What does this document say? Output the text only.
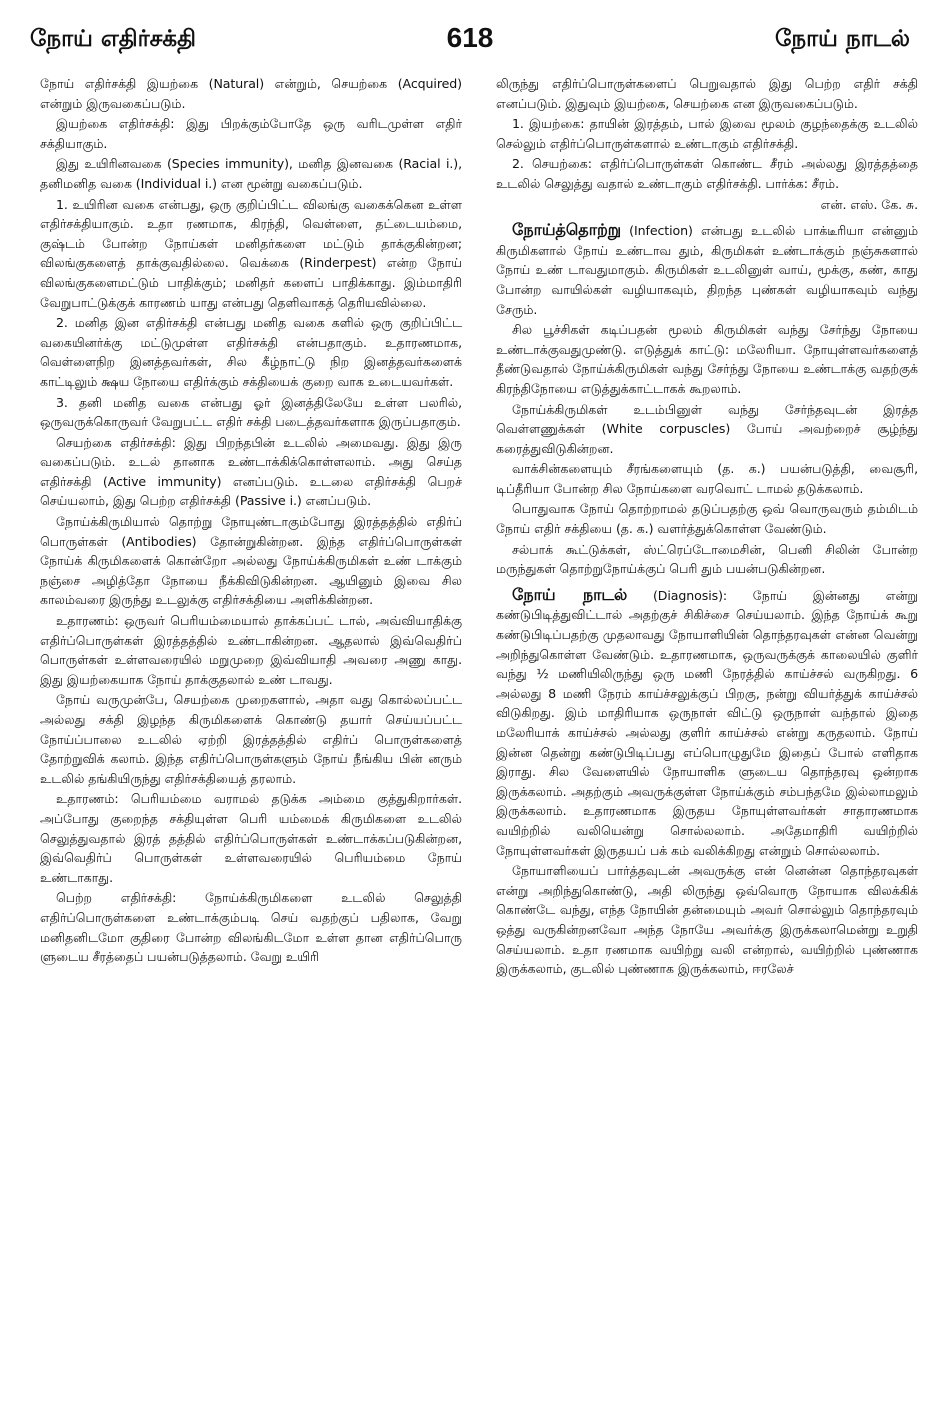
நோய் எதிர்சக்தி	618	நோய் நாடல்

நோய் எதிர்சக்தி இயற்கை (Natural) என்றும், செயற்கை (Acquired) என்றும் இருவகைப்படும்.

இயற்கை எதிர்சக்தி: இது பிறக்கும்போதே ஒரு வரிடமுள்ள எதிர் சக்தியாகும்.

இது உயிரினவகை (Species immunity), மனித இனவகை (Racial i.), தனிமனித வகை (Individual i.) என மூன்று வகைப்படும்.

1. உயிரின வகை என்பது, ஒரு குறிப்பிட்ட விலங்கு வகைக்கென உள்ள எதிர்சக்தியாகும். உதா ரணமாக, கிரந்தி, வெள்ளை, தட்டையம்மை, குஷ்டம் போன்ற நோய்கள் மனிதர்களை மட்டும் தாக்குகின்றன; விலங்குகளைத் தாக்குவதில்லை. வெக்கை (Rinderpest) என்ற நோய் விலங்குகளைமட்டும் பாதிக்கும்; மனிதர் களைப் பாதிக்காது. இம்மாதிரி வேறுபாட்டுக்குக் காரணம் யாது என்பது தெளிவாகத் தெரியவில்லை.

2. மனித இன எதிர்சக்தி என்பது மனித வகை களில் ஒரு குறிப்பிட்ட வகையினர்க்கு மட்டுமுள்ள எதிர்சக்தி என்பதாகும். உதாரணமாக, வெள்ளைநிற இனத்தவர்கள், சில கீழ்நாட்டு நிற இனத்தவர்களைக் காட்டிலும் க்ஷய நோயை எதிர்க்கும் சக்தியைக் குறை வாக உடையவர்கள்.

3. தனி மனித வகை என்பது ஓர் இனத்திலேயே உள்ள பலரில், ஒருவருக்கொருவர் வேறுபட்ட எதிர் சக்தி படைத்தவர்களாக இருப்பதாகும்.

செயற்கை எதிர்சக்தி: இது பிறந்தபின் உடலில் அமைவது. இது இரு வகைப்படும். உடல் தானாக உண்டாக்கிக்கொள்ளலாம். அது செய்த எதிர்சக்தி (Active immunity) எனப்படும். உடலை எதிர்சக்தி பெறச் செய்யலாம், இது பெற்ற எதிர்சக்தி (Passive i.) எனப்படும்.

நோய்க்கிருமியால் தொற்று நோயுண்டாகும்போது இரத்தத்தில் எதிர்ப் பொருள்கள் (Antibodies) தோன்றுகின்றன. இந்த எதிர்ப்பொருள்கள் நோய்க் கிருமிகளைக் கொன்றோ அல்லது நோய்க்கிருமிகள் உண் டாக்கும் நஞ்சை அழித்தோ நோயை நீக்கிவிடுகின்றன. ஆயினும் இவை சில காலம்வரை இருந்து உடலுக்கு எதிர்சக்தியை அளிக்கின்றன.

உதாரணம்: ஒருவர் பெரியம்மையால் தாக்கப்பட் டால், அவ்வியாதிக்கு எதிர்ப்பொருள்கள் இரத்தத்தில் உண்டாகின்றன. ஆதலால் இவ்வெதிர்ப் பொருள்கள் உள்ளவரையில் மறுமுறை இவ்வியாதி அவரை அணு காது. இது இயற்கையாக நோய் தாக்குதலால் உண் டாவது.

நோய் வருமுன்பே, செயற்கை முறைகளால், அதா வது கொல்லப்பட்ட அல்லது சக்தி இழந்த கிருமிகளைக் கொண்டு தயார் செய்யப்பட்ட நோய்ப்பாலை உடலில் ஏற்றி இரத்தத்தில் எதிர்ப் பொருள்களைத் தோற்றுவிக் கலாம். இந்த எதிர்ப்பொருள்களும் நோய் நீங்கிய பின் னரும் உடலில் தங்கியிருந்து எதிர்சக்தியைத் தரலாம்.

உதாரணம்: பெரியம்மை வராமல் தடுக்க அம்மை குத்துகிறார்கள். அப்போது குறைந்த சக்தியுள்ள பெரி யம்மைக் கிருமிகளை உடலில் செலுத்துவதால் இரத் தத்தில் எதிர்ப்பொருள்கள் உண்டாக்கப்படுகின்றன, இவ்வெதிர்ப் பொருள்கள் உள்ளவரையில் பெரியம்மை நோய் உண்டாகாது.

பெற்ற எதிர்சக்தி: நோய்க்கிருமிகளை உடலில் செலுத்தி எதிர்ப்பொருள்களை உண்டாக்கும்படி செய் வதற்குப் பதிலாக, வேறு மனிதனிடமோ குதிரை போன்ற விலங்கிடமோ உள்ள தான எதிர்ப்பொரு ளுடைய சீரத்தைப் பயன்படுத்தலாம். வேறு உயிரி

லிருந்து எதிர்ப்பொருள்களைப் பெறுவதால் இது பெற்ற எதிர் சக்தி எனப்படும். இதுவும் இயற்கை, செயற்கை என இருவகைப்படும்.

1. இயற்கை: தாயின் இரத்தம், பால் இவை மூலம் குழந்தைக்கு உடலில் செல்லும் எதிர்ப்பொருள்களால் உண்டாகும் எதிர்சக்தி.

2. செயற்கை: எதிர்ப்பொருள்கள் கொண்ட சீரம் அல்லது இரத்தத்தை உடலில் செலுத்து வதால் உண்டாகும் எதிர்சக்தி. பார்க்க: சீரம்.

என். எஸ். கே. சு.

நோய்த்தொற்று (Infection) என்பது உடலில் பாக்டீரியா என்னும் கிருமிகளால் நோய் உண்டாவ தும், கிருமிகள் உண்டாக்கும் நஞ்சுகளால் நோய் உண் டாவதுமாகும். கிருமிகள் உடலினுள் வாய், மூக்கு, கண், காது போன்ற வாயில்கள் வழியாகவும், திறந்த புண்கள் வழியாகவும் வந்து சேரும்.

சில பூச்சிகள் கடிப்பதன் மூலம் கிருமிகள் வந்து சேர்ந்து நோயை உண்டாக்குவதுமுண்டு. எடுத்துக் காட்டு: மலேரியா. நோயுள்ளவர்களைத் தீண்டுவதால் நோய்க்கிருமிகள் வந்து சேர்ந்து நோயை உண்டாக்கு வதற்குக் கிரந்திநோயை எடுத்துக்காட்டாகக் கூறலாம்.

நோய்க்கிருமிகள் உடம்பினுள் வந்து சேர்ந்தவுடன் இரத்த வெள்ளணுக்கள் (White corpuscles) போய் அவற்றைச் சூழ்ந்து கரைத்துவிடுகின்றன.

வாக்சின்களையும் சீரங்களையும் (த. க.) பயன்படுத்தி, வைசூரி, டிப்தீரியா போன்ற சில நோய்களை வரவொட் டாமல் தடுக்கலாம்.

பொதுவாக நோய் தொற்றாமல் தடுப்பதற்கு ஒவ் வொருவரும் தம்மிடம் நோய் எதிர் சக்தியை (த. க.) வளர்த்துக்கொள்ள வேண்டும்.

சல்பாக் கூட்டுக்கள், ஸ்ட்ரெப்டோமைசின், பெனி சிலின் போன்ற மருந்துகள் தொற்றுநோய்க்குப் பெரி தும் பயன்படுகின்றன.

நோய் நாடல் (Diagnosis): நோய் இன்னது என்று கண்டுபிடித்துவிட்டால் அதற்குச் சிகிச்சை செய்யலாம். இந்த நோய்க் கூறு கண்டுபிடிப்பதற்கு முதலாவது நோயாளியின் தொந்தரவுகள் என்ன வென்று அறிந்துகொள்ள வேண்டும். உதாரணமாக, ஒருவருக்குக் காலையில் குளிர் வந்து ½ மணியிலிருந்து ஒரு மணி நேரத்தில் காய்ச்சல் வருகிறது. 6 அல்லது 8 மணி நேரம் காய்ச்சலுக்குப் பிறகு, நன்று வியர்த்துக் காய்ச்சல் விடுகிறது. இம் மாதிரியாக ஒருநாள் விட்டு ஒருநாள் வந்தால் இதை மலேரியாக் காய்ச்சல் அல்லது குளிர் காய்ச்சல் என்று கருதலாம். நோய் இன்ன தென்று கண்டுபிடிப்பது எப்பொழுதுமே இதைப் போல் எளிதாக இராது. சில வேளையில் நோயாளிக ளுடைய தொந்தரவு ஒன்றாக இருக்கலாம். அதற்கும் அவருக்குள்ள நோய்க்கும் சம்பந்தமே இல்லாமலும் இருக்கலாம். உதாரணமாக இருதய நோயுள்ளவர்கள் சாதாரணமாக வயிற்றில் வலியென்று சொல்லலாம். அதேமாதிரி வயிற்றில் நோயுள்ளவர்கள் இருதயப் பக் கம் வலிக்கிறது என்றும் சொல்லலாம்.

நோயாளியைப் பார்த்தவுடன் அவருக்கு என் னென்ன தொந்தரவுகள் என்று அறிந்துகொண்டு, அதி லிருந்து ஒவ்வொரு நோயாக விலக்கிக் கொண்டே வந்து, எந்த நோயின் தன்மையும் அவர் சொல்லும் தொந்தரவும் ஒத்து வருகின்றனவோ அந்த நோயே அவர்க்கு இருக்கலாமென்று உறுதி செய்யலாம். உதா ரணமாக வயிற்று வலி என்றால், வயிற்றில் புண்ணாக இருக்கலாம், குடலில் புண்ணாக இருக்கலாம், ஈரலேச்
